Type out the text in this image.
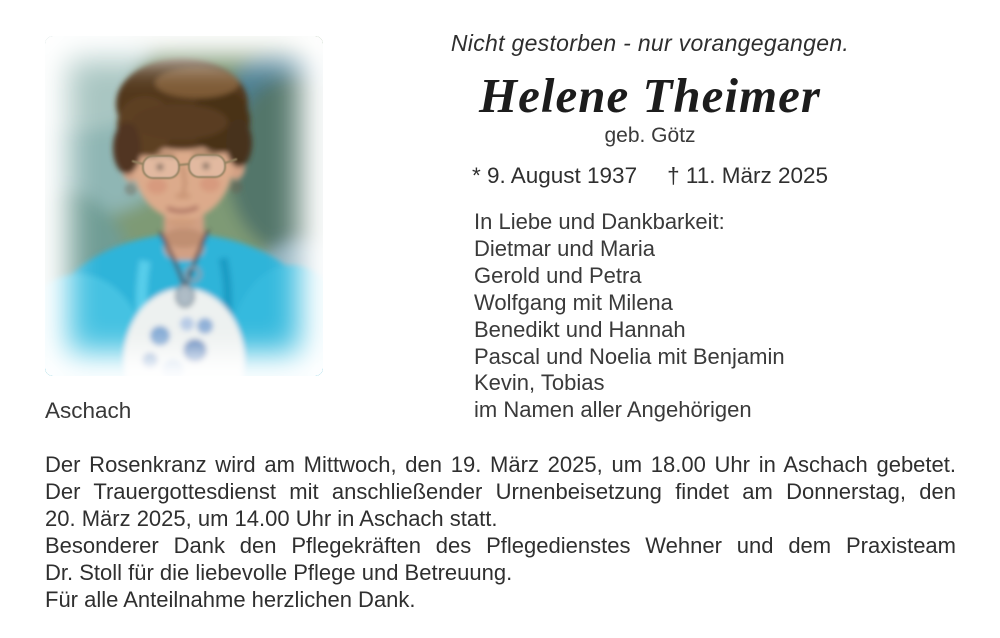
Aschach
Nicht gestorben - nur vorangegangen.
Helene Theimer
geb. Götz
* 9. August 1937 † 11. März 2025
In Liebe und Dankbarkeit:
Dietmar und Maria
Gerold und Petra
Wolfgang mit Milena
Benedikt und Hannah
Pascal und Noelia mit Benjamin
Kevin, Tobias
im Namen aller Angehörigen
Der Rosenkranz wird am Mittwoch, den 19. März 2025, um 18.00 Uhr in Aschach gebetet.
Der Trauergottesdienst mit anschließender Urnenbeisetzung findet am Donnerstag, den
20. März 2025, um 14.00 Uhr in Aschach statt.
Besonderer Dank den Pflegekräften des Pflegedienstes Wehner und dem Praxisteam
Dr. Stoll für die liebevolle Pflege und Betreuung.
Für alle Anteilnahme herzlichen Dank.
